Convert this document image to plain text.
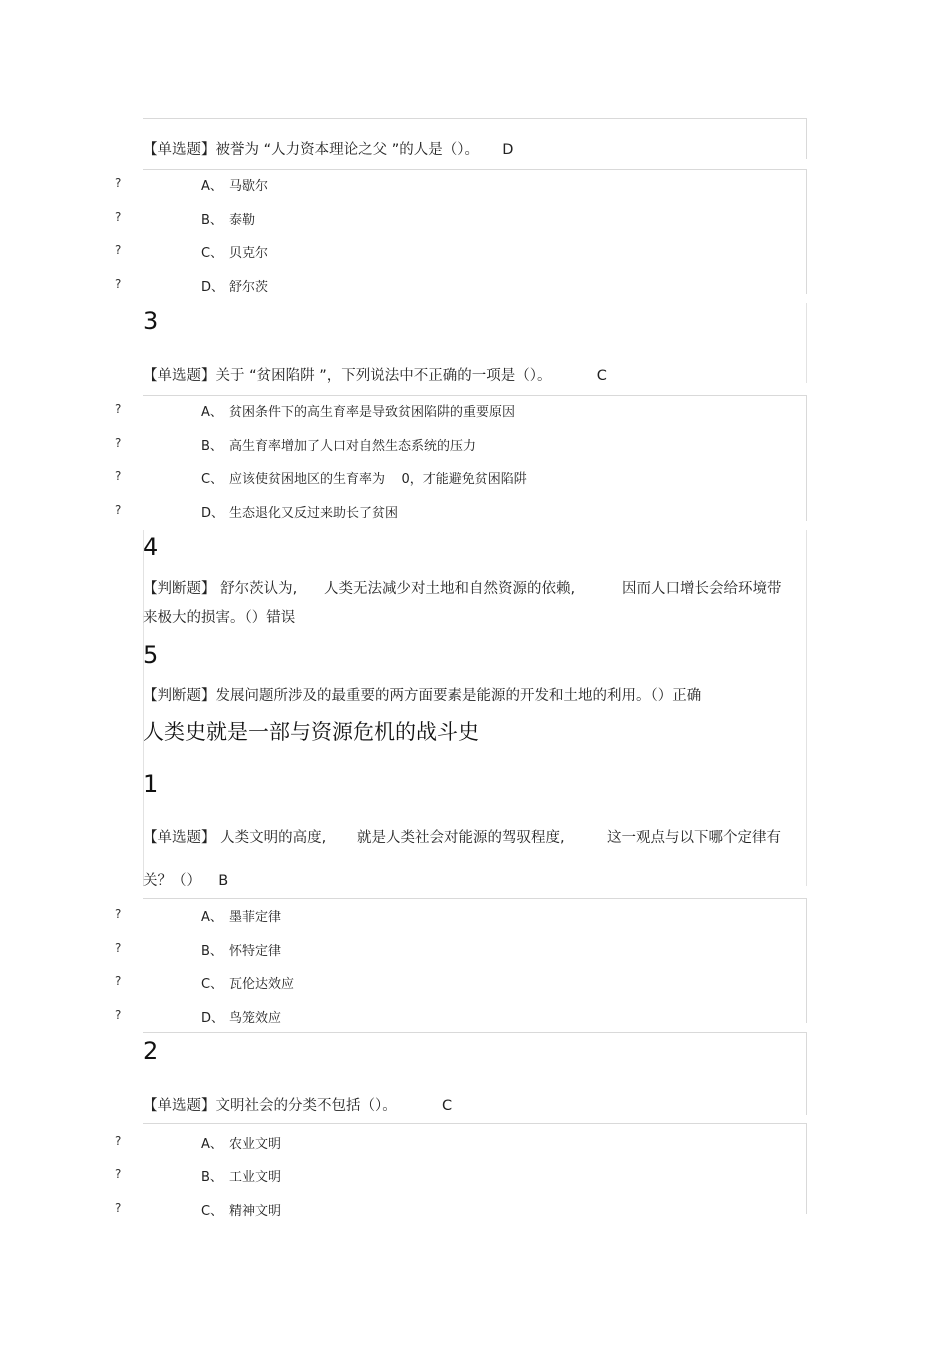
【单选题】被誉为 “人力资本理论之父 ”的人是（）。 D
?	A、 马歇尔
?	B、 泰勒
?	C、 贝克尔
?	D、 舒尔茨
3
【单选题】关于 “贫困陷阱 ”，下列说法中不正确的一项是（）。	C
?	A、 贫困条件下的高生育率是导致贫困陷阱的重要原因
?	B、 高生育率增加了人口对自然生态系统的压力
?	C、 应该使贫困地区的生育率为    0，才能避免贫困陷阱
?	D、 生态退化又反过来助长了贫困
4
【判断题】 舒尔茨认为, 人类无法减少对土地和自然资源的依赖,	因而人口增长会给环境带
来极大的损害。（）错误
5
【判断题】发展问题所涉及的最重要的两方面要素是能源的开发和土地的利用。（）正确
人类史就是一部与资源危机的战斗史
1
【单选题】 人类文明的高度, 就是人类社会对能源的驾驭程度,	这一观点与以下哪个定律有
关？（） B
?	A、 墨菲定律
?	B、 怀特定律
?	C、 瓦伦达效应
?	D、 鸟笼效应
2
【单选题】文明社会的分类不包括（）。	C
?	A、 农业文明
?	B、 工业文明
?	C、 精神文明
